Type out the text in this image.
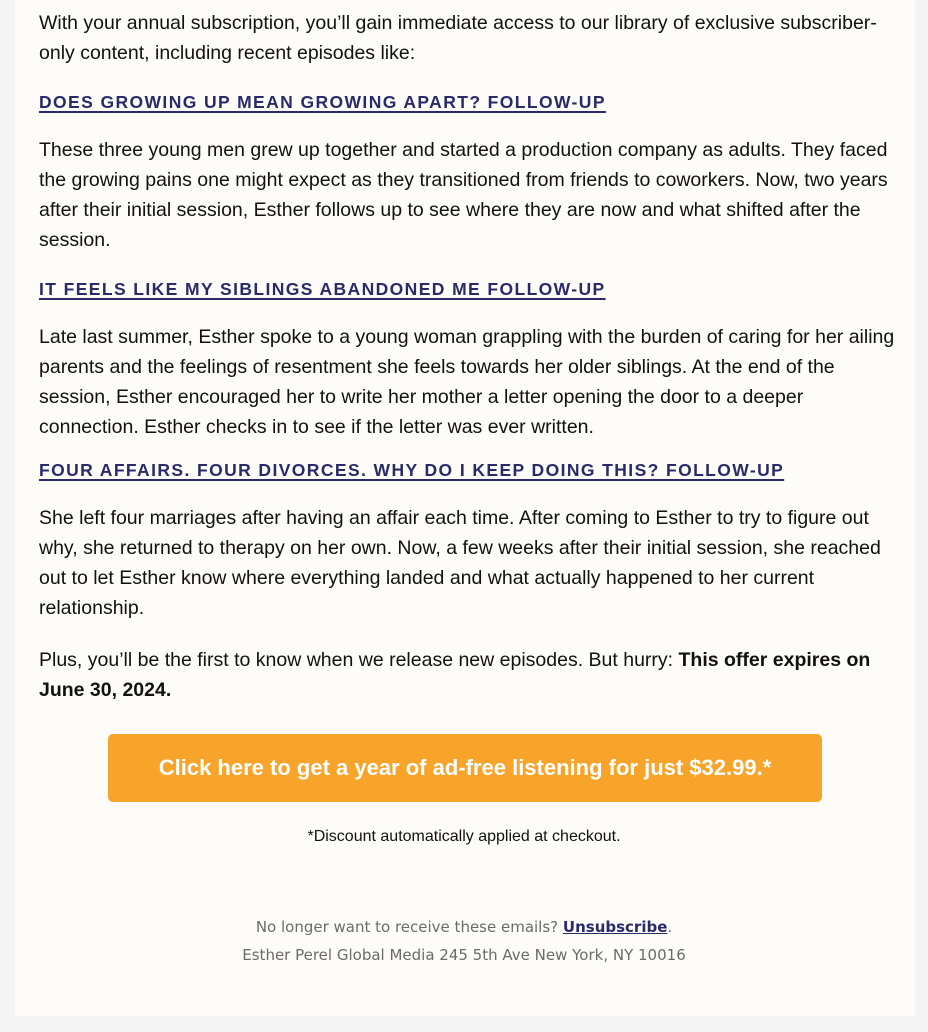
With your annual subscription, you’ll gain immediate access to our library of exclusive subscriber-only content, including recent episodes like:

DOES GROWING UP MEAN GROWING APART? FOLLOW-UP

These three young men grew up together and started a production company as adults. They faced the growing pains one might expect as they transitioned from friends to coworkers. Now, two years after their initial session, Esther follows up to see where they are now and what shifted after the session.

IT FEELS LIKE MY SIBLINGS ABANDONED ME FOLLOW-UP

Late last summer, Esther spoke to a young woman grappling with the burden of caring for her ailing parents and the feelings of resentment she feels towards her older siblings. At the end of the session, Esther encouraged her to write her mother a letter opening the door to a deeper connection. Esther checks in to see if the letter was ever written.

FOUR AFFAIRS. FOUR DIVORCES. WHY DO I KEEP DOING THIS? FOLLOW-UP

She left four marriages after having an affair each time. After coming to Esther to try to figure out why, she returned to therapy on her own. Now, a few weeks after their initial session, she reached out to let Esther know where everything landed and what actually happened to her current relationship.

Plus, you’ll be the first to know when we release new episodes. But hurry: This offer expires on June 30, 2024.

Click here to get a year of ad-free listening for just $32.99.*
*Discount automatically applied at checkout.
No longer want to receive these emails? Unsubscribe.
Esther Perel Global Media 245 5th Ave New York, NY 10016
